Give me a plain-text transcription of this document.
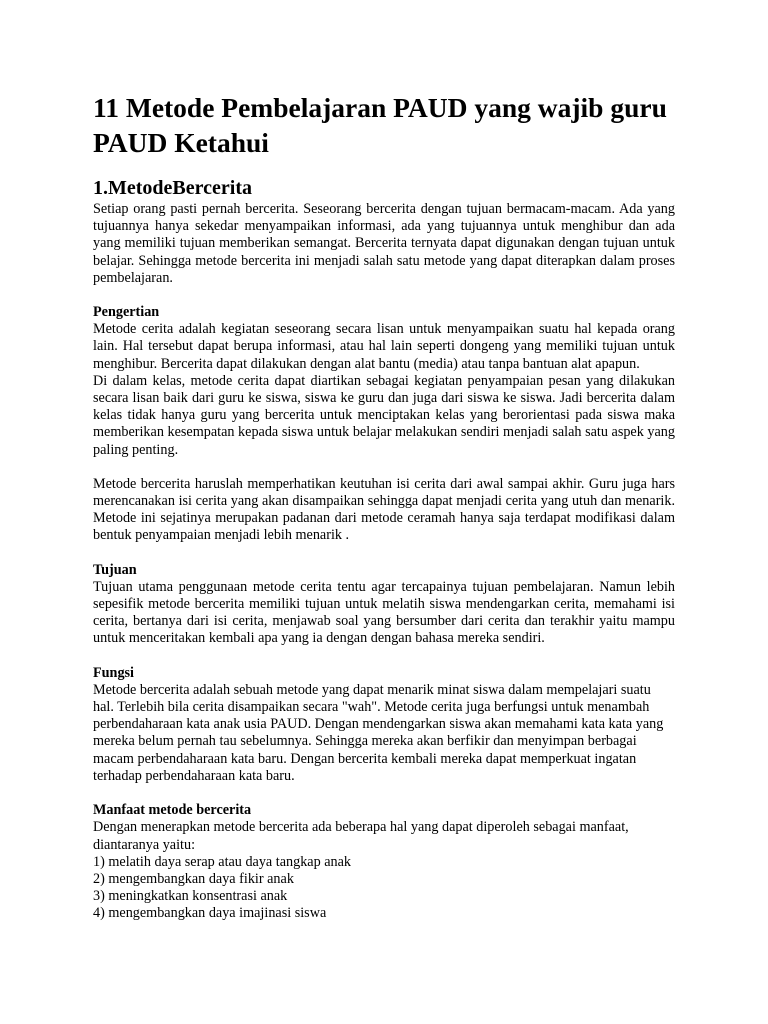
11 Metode Pembelajaran PAUD yang wajib guru PAUD Ketahui
1.MetodeBercerita

Setiap orang pasti pernah bercerita. Seseorang bercerita dengan tujuan bermacam-macam. Ada yang tujuannya hanya sekedar menyampaikan informasi, ada yang tujuannya untuk menghibur dan ada yang memiliki tujuan memberikan semangat. Bercerita ternyata dapat digunakan dengan tujuan untuk belajar. Sehingga metode bercerita ini menjadi salah satu metode yang dapat diterapkan dalam proses pembelajaran.

Pengertian

Metode cerita adalah kegiatan seseorang secara lisan untuk menyampaikan suatu hal kepada orang lain. Hal tersebut dapat berupa informasi, atau hal lain seperti dongeng yang memiliki tujuan untuk menghibur. Bercerita dapat dilakukan dengan alat bantu (media) atau tanpa bantuan alat apapun.

Di dalam kelas, metode cerita dapat diartikan sebagai kegiatan penyampaian pesan yang dilakukan secara lisan baik dari guru ke siswa, siswa ke guru dan juga dari siswa ke siswa. Jadi bercerita dalam kelas tidak hanya guru yang bercerita untuk menciptakan kelas yang berorientasi pada siswa maka memberikan kesempatan kepada siswa untuk belajar melakukan sendiri menjadi salah satu aspek yang paling penting.

Metode bercerita haruslah memperhatikan keutuhan isi cerita dari awal sampai akhir. Guru juga hars merencanakan isi cerita yang akan disampaikan sehingga dapat menjadi cerita yang utuh dan menarik. Metode ini sejatinya merupakan padanan dari metode ceramah hanya saja terdapat modifikasi dalam bentuk penyampaian menjadi lebih menarik .

Tujuan

Tujuan utama penggunaan metode cerita tentu agar tercapainya tujuan pembelajaran. Namun lebih sepesifik metode bercerita memiliki tujuan untuk melatih siswa mendengarkan cerita, memahami isi cerita, bertanya dari isi cerita, menjawab soal yang bersumber dari cerita dan terakhir yaitu mampu untuk menceritakan kembali apa yang ia dengan dengan bahasa mereka sendiri.

Fungsi

Metode bercerita adalah sebuah metode yang dapat menarik minat siswa dalam mempelajari suatu hal. Terlebih bila cerita disampaikan secara "wah". Metode cerita juga berfungsi untuk menambah perbendaharaan kata anak usia PAUD. Dengan mendengarkan siswa akan memahami kata kata yang mereka belum pernah tau sebelumnya. Sehingga mereka akan berfikir dan menyimpan berbagai macam perbendaharaan kata baru. Dengan bercerita kembali mereka dapat memperkuat ingatan terhadap perbendaharaan kata baru.

Manfaat metode bercerita

Dengan menerapkan metode bercerita ada beberapa hal yang dapat diperoleh sebagai manfaat, diantaranya yaitu:

1) melatih daya serap atau daya tangkap anak
2) mengembangkan daya fikir anak
3) meningkatkan konsentrasi anak
4) mengembangkan daya imajinasi siswa
